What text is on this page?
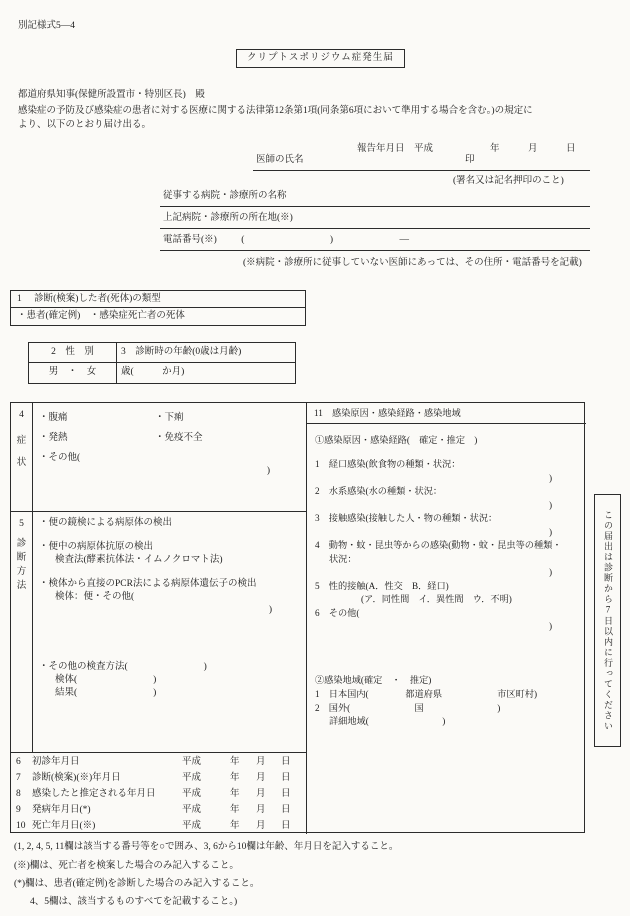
別記様式5—4
クリプトスポリジウム症発生届
都道府県知事(保健所設置市・特別区長)　殿
感染症の予防及び感染症の患者に対する医療に関する法律第12条第1項(同条第6項において準用する場合を含む。)の規定に
より、以下のとおり届け出る。
報告年月日　平成　　　　　　年　　　月　　　日
医師の氏名	印
(署名又は記名押印のこと)
従事する病院・診療所の名称
上記病院・診療所の所在地(※)
電話番号(※)	(　　　　　　　　　)　　　　　　　—
(※病院・診療所に従事していない医師にあっては、その住所・電話番号を記載)
1 診断(検案)した者(死体)の類型
・患者(確定例)　・感染症死亡者の死体
2　性　別	3　診断時の年齢(0歳は月齢)
男　・　女	歳(　　　か月)
4
症状
・腹痛	・下痢
・発熱	・免疫不全
・その他(
)
5
診断方法
・便の鏡検による病原体の検出
・便中の病原体抗原の検出
検査法(酵素抗体法・イムノクロマト法)
・検体から直接のPCR法による病原体遺伝子の検出
検体：便・その他(
)
・その他の検査方法(　　　　　　　　)
検体(　　　　　　　　)
結果(　　　　　　　　)
6	初診年月日	平成	年	月	日
7	診断(検案)(※)年月日	平成	年	月	日
8	感染したと推定される年月日	平成	年	月	日
9	発病年月日(*)	平成	年	月	日
10 死亡年月日(※)	平成	年	月	日
11　感染原因・感染経路・感染地域
①感染原因・感染経路(　確定・推定　)
1　経口感染(飲食物の種類・状況：
)
2　水系感染(水の種類・状況：
)
3　接触感染(接触した人・物の種類・状況：
)
4　動物・蚊・昆虫等からの感染(動物・蚊・昆虫等の種類・
状況：
)
5　性的接触(A．性交　B．経口)
(ア．同性間　イ．異性間　ウ．不明)
6　その他(
)
②感染地域(確定　・　推定)
1　日本国内(　　　　都道府県　　　　　　市区町村)
2　国外(　　　　　　　国　　　　　　　　)
詳細地域(　　　　　　　　)	この届出は診断から7日以内に行ってください
(1, 2, 4, 5, 11欄は該当する番号等を○で囲み、3, 6から10欄は年齢、年月日を記入すること。
(※)欄は、死亡者を検案した場合のみ記入すること。
(*)欄は、患者(確定例)を診断した場合のみ記入すること。
4、5欄は、該当するものすべてを記載すること。)
